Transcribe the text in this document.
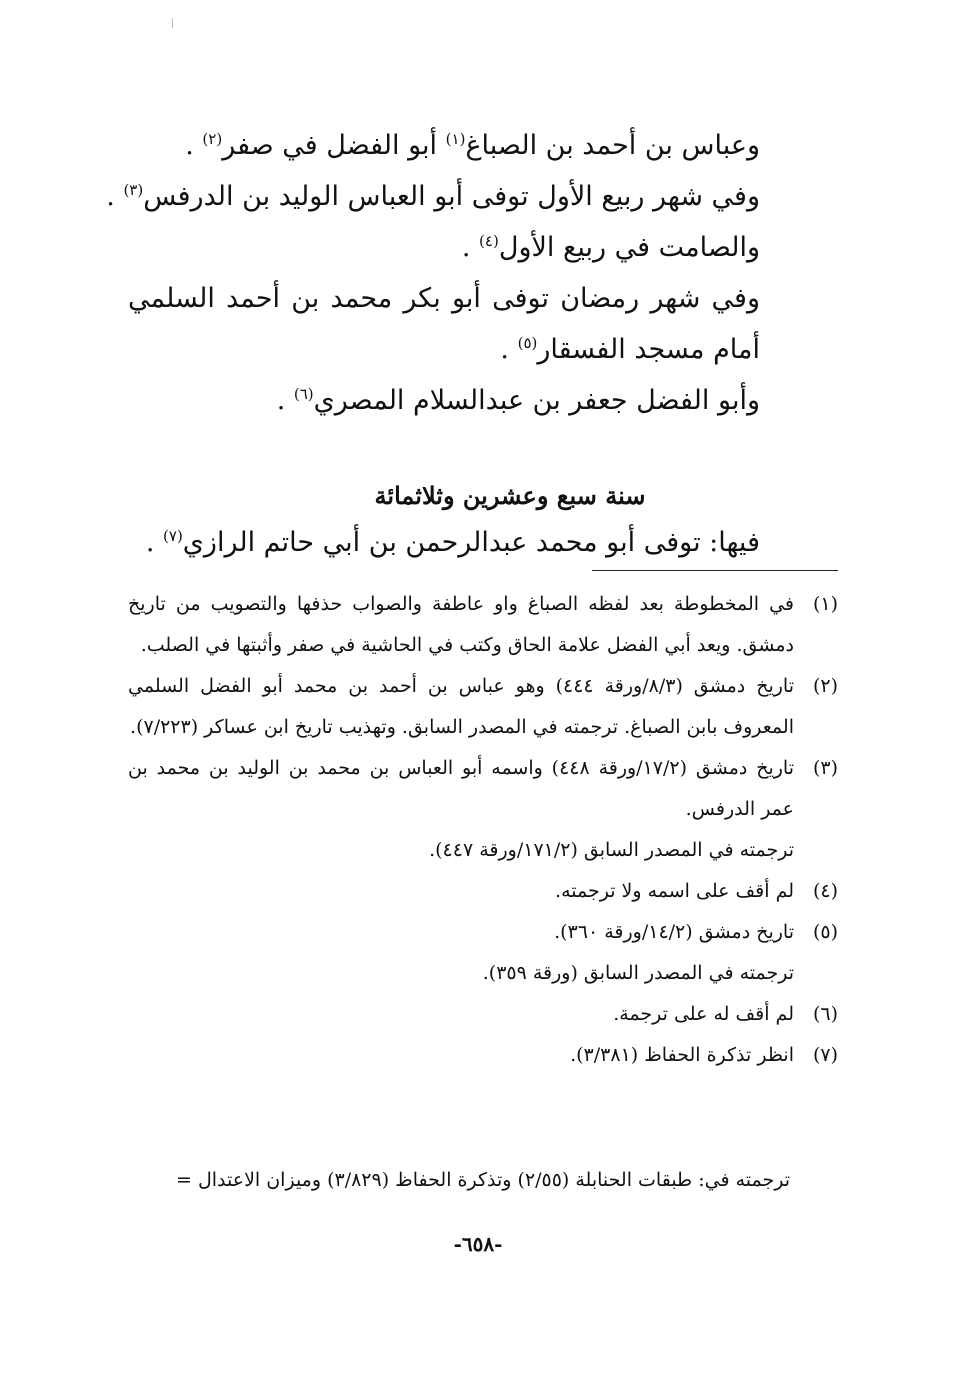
وعباس بن أحمد بن الصباغ$^{(١)}$ أبو الفضل في صفر$^{(٢)}$ .
وفي شهر ربيع الأول توفى أبو العباس الوليد بن الدرفس$^{(٣)}$ .
والصامت في ربيع الأول$^{(٤)}$ .
وفي شهر رمضان توفى أبو بكر محمد بن أحمد السلمي أمام مسجد الفسقار$^{(٥)}$ .
وأبو الفضل جعفر بن عبدالسلام المصري$^{(٦)}$ .
سنة سبع وعشرين وثلاثمائة
فيها: توفى أبو محمد عبدالرحمن بن أبي حاتم الرازي$^{(٧)}$ .
(١)
في المخطوطة بعد لفظه الصباغ واو عاطفة والصواب حذفها والتصويب من تاريخ دمشق. ويعد أبي الفضل علامة الحاق وكتب في الحاشية في صفر وأثبتها في الصلب.
(٢)
تاريخ دمشق (٨/٣/ورقة ٤٤٤) وهو عباس بن أحمد بن محمد أبو الفضل السلمي المعروف بابن الصباغ. ترجمته في المصدر السابق. وتهذيب تاريخ ابن عساكر (٧/٢٢٣).
(٣)
تاريخ دمشق (١٧/٢/ورقة ٤٤٨) واسمه أبو العباس بن محمد بن الوليد بن محمد بن عمر الدرفس.
ترجمته في المصدر السابق (١٧١/٢/ورقة ٤٤٧).
(٤)
لم أقف على اسمه ولا ترجمته.
(٥)
تاريخ دمشق (١٤/٢/ورقة ٣٦٠).
ترجمته في المصدر السابق (ورقة ٣٥٩).
(٦)
لم أقف له على ترجمة.
(٧)
انظر تذكرة الحفاظ (٣/٣٨١).
ترجمته في: طبقات الحنابلة (٢/٥٥) وتذكرة الحفاظ (٣/٨٢٩) وميزان الاعتدال =
-٦٥٨-
